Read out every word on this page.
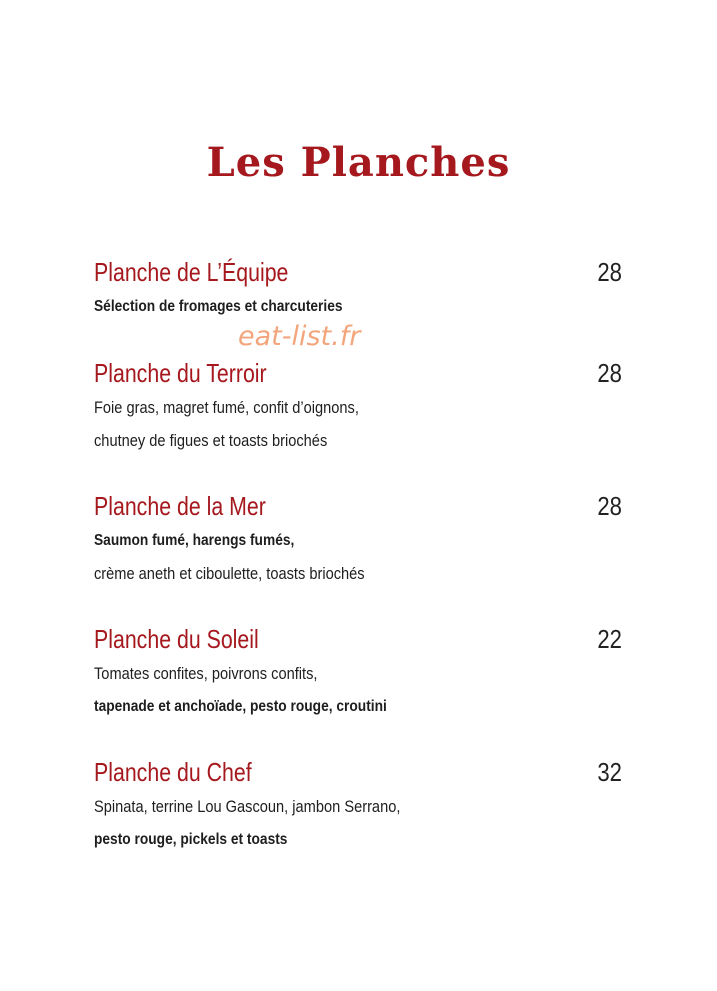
Les Planches
Planche de L’Équipe	28
Sélection de fromages et charcuteries
eat-list.fr
Planche du Terroir	28
Foie gras, magret fumé, confit d’oignons,
chutney de figues et toasts briochés
Planche de la Mer	28
Saumon fumé, harengs fumés,
crème aneth et ciboulette, toasts briochés
Planche du Soleil	22
Tomates confites, poivrons confits,
tapenade et anchoïade, pesto rouge, croutini
Planche du Chef	32
Spinata, terrine Lou Gascoun, jambon Serrano,
pesto rouge, pickels et toasts
